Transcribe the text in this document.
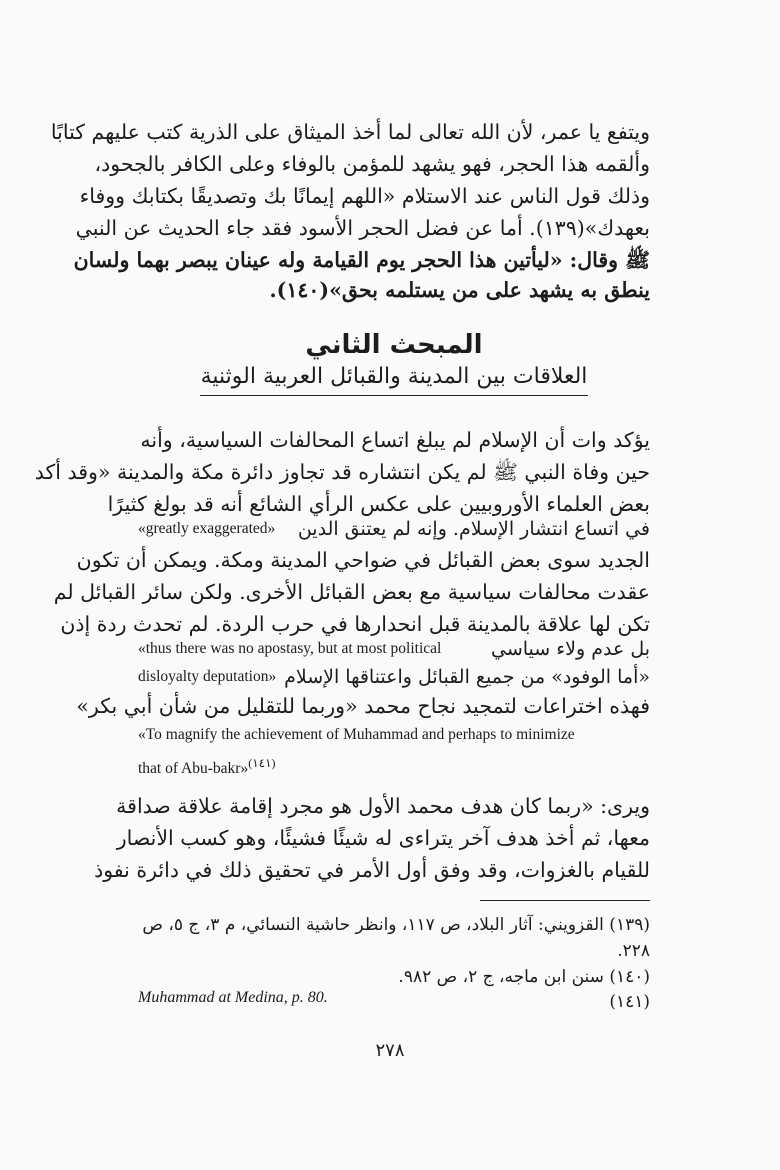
ويتفع يا عمر، لأن الله تعالى لما أخذ الميثاق على الذرية كتب عليهم كتابًا
وألقمه هذا الحجر، فهو يشهد للمؤمن بالوفاء وعلى الكافر بالجحود،
وذلك قول الناس عند الاستلام «اللهم إيمانًا بك وتصديقًا بكتابك ووفاء
بعهدك»(١٣٩). أما عن فضل الحجر الأسود فقد جاء الحديث عن النبي
ﷺ وقال: «ليأتين هذا الحجر يوم القيامة وله عينان يبصر بهما ولسان
ينطق به يشهد على من يستلمه بحق»(١٤٠).
المبحث الثاني
العلاقات بين المدينة والقبائل العربية الوثنية
يؤكد وات أن الإسلام لم يبلغ اتساع المحالفات السياسية، وأنه
حين وفاة النبي ﷺ لم يكن انتشاره قد تجاوز دائرة مكة والمدينة «وقد أكد
بعض العلماء الأوروبيين على عكس الرأي الشائع أنه قد بولغ كثيرًا
«greatly exaggerated» في اتساع انتشار الإسلام. وإنه لم يعتنق الدين
الجديد سوى بعض القبائل في ضواحي المدينة ومكة. ويمكن أن تكون
عقدت محالفات سياسية مع بعض القبائل الأخرى. ولكن سائر القبائل لم
تكن لها علاقة بالمدينة قبل انحدارها في حرب الردة. لم تحدث ردة إذن
«thus there was no apostasy, but at most political	بل عدم ولاء سياسي
disloyalty deputation» «أما الوفود» من جميع القبائل واعتناقها الإسلام
فهذه اختراعات لتمجيد نجاح محمد «وربما للتقليل من شأن أبي بكر»
«To magnify the achievement of Muhammad and perhaps to minimize
that of Abu-bakr»$^{(١٤١)}$
ويرى: «ربما كان هدف محمد الأول هو مجرد إقامة علاقة صداقة
معها، ثم أخذ هدف آخر يتراءى له شيئًا فشيئًا، وهو كسب الأنصار
للقيام بالغزوات، وقد وفق أول الأمر في تحقيق ذلك في دائرة نفوذ
(١٣٩) القزويني: آثار البلاد، ص ١١٧، وانظر حاشية النسائي، م ٣، ج ٥، ص
٢٢٨.
(١٤٠) سنن ابن ماجه، ج ٢، ص ٩٨٢.
(١٤١)
Muhammad at Medina, p. 80.
٢٧٨
